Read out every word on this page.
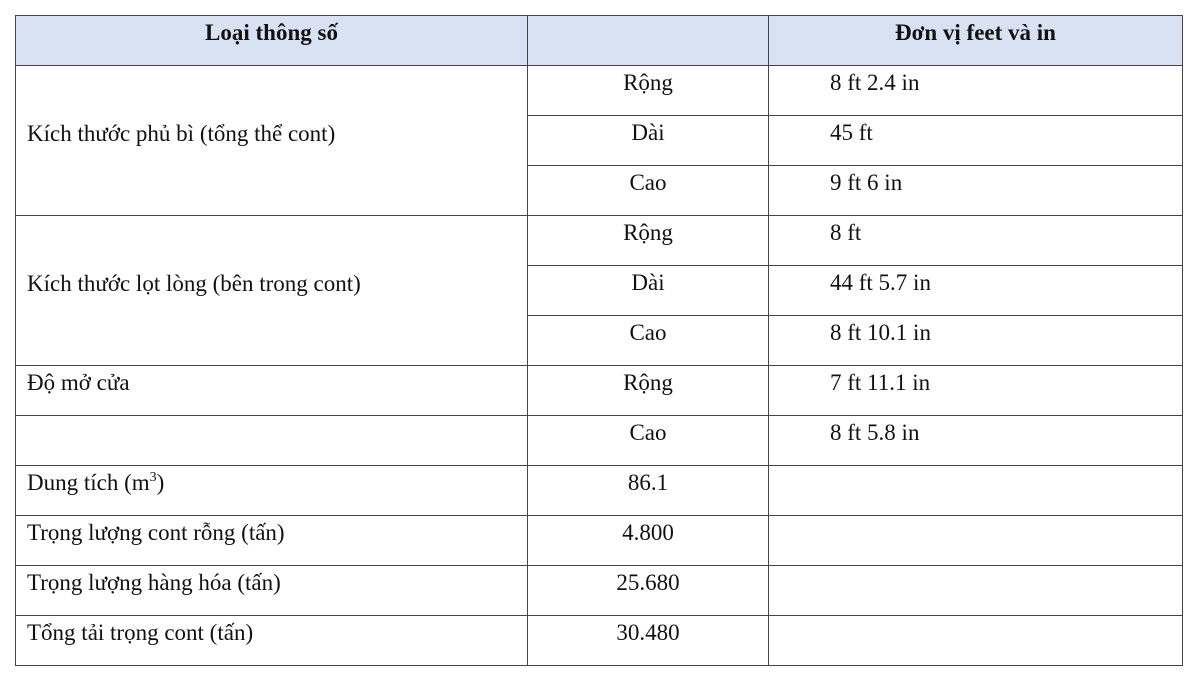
Loại thông số		Đơn vị feet và in
Kích thước phủ bì (tổng thể cont)	Rộng	8 ft 2.4 in
	Dài	45 ft
	Cao	9 ft 6 in
Kích thước lọt lòng (bên trong cont)	Rộng	8 ft
	Dài	44 ft 5.7 in
	Cao	8 ft 10.1 in
Độ mở cửa	Rộng	7 ft 11.1 in
	Cao	8 ft 5.8 in
Dung tích $(m^3)$	86.1	
Trọng lượng cont rỗng (tấn)	4.800	
Trọng lượng hàng hóa (tấn)	25.680	
Tổng tải trọng cont (tấn)	30.480	
